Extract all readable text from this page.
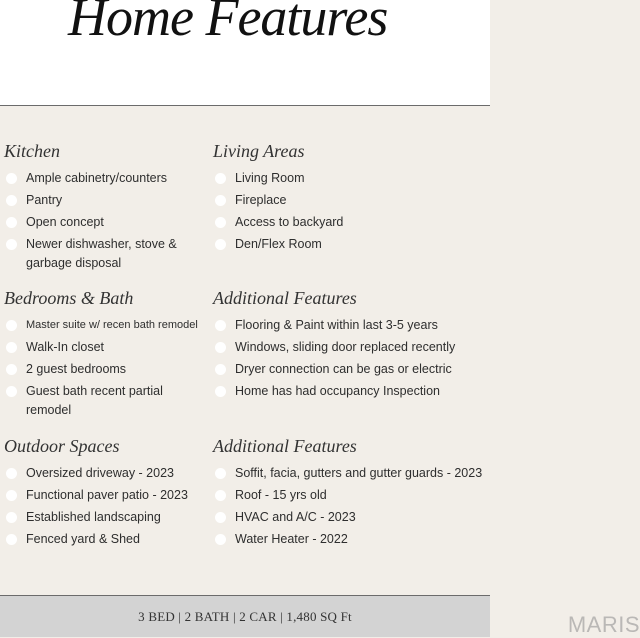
Home Features
Kitchen
Ample cabinetry/counters
Pantry
Open concept
Newer dishwasher, stove & garbage disposal
Living Areas
Living Room
Fireplace
Access to backyard
Den/Flex Room
Bedrooms & Bath
Master suite w/ recen bath remodel
Walk-In closet
2 guest bedrooms
Guest bath recent partial remodel
Additional Features
Flooring & Paint within last 3-5 years
Windows, sliding door replaced recently
Dryer connection can be gas or electric
Home has had occupancy Inspection
Outdoor Spaces
Oversized driveway - 2023
Functional paver patio - 2023
Established landscaping
Fenced yard & Shed
Additional Features
Soffit, facia, gutters and gutter guards - 2023
Roof - 15 yrs old
HVAC and A/C - 2023
Water Heater - 2022
3 BED | 2 BATH | 2 CAR | 1,480 SQ Ft	MARIS
